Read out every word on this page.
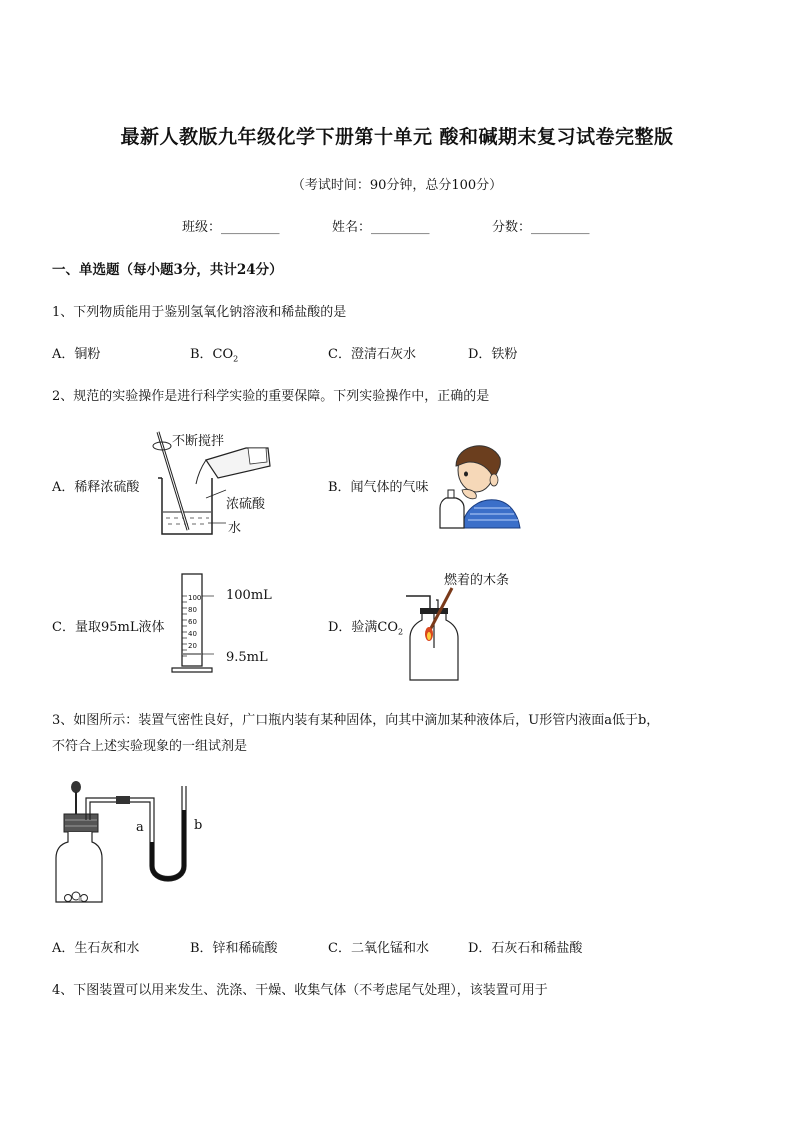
最新人教版九年级化学下册第十单元 酸和碱期末复习试卷完整版
（考试时间：90分钟，总分100分）
班级：_________	姓名：_________	分数：_________
一、单选题（每小题3分，共计24分）
1、下列物质能用于鉴别氢氧化钠溶液和稀盐酸的是
A．铜粉	B．$CO_2$	C．澄清石灰水	D．铁粉
2、规范的实验操作是进行科学实验的重要保障。下列实验操作中，正确的是
A．稀释浓硫酸
不断搅拌
浓硫酸
水
B．闻气体的气味
C．量取95mL液体
100
80
60
40
20
100mL
9.5mL
D．验满$CO_2$
燃着的木条
3、如图所示：装置气密性良好，广口瓶内装有某种固体，向其中滴加某种液体后，U形管内液面a低于b，
不符合上述实验现象的一组试剂是
a	b
A．生石灰和水	B．锌和稀硫酸	C．二氧化锰和水	D．石灰石和稀盐酸
4、下图装置可以用来发生、洗涤、干燥、收集气体（不考虑尾气处理），该装置可用于
